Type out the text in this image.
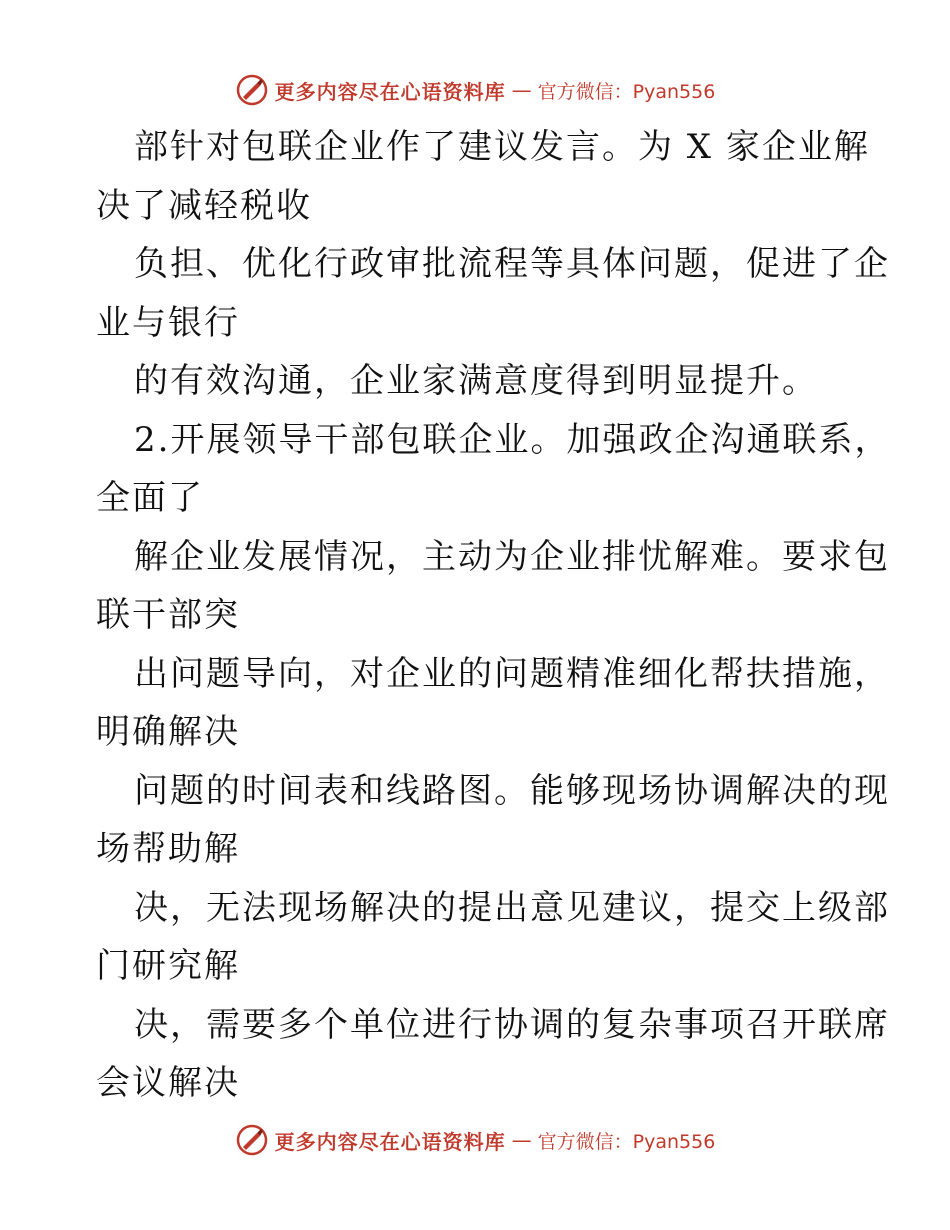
更多内容尽在心语资料库 — 官方微信：Pyan556
部针对包联企业作了建议发言。为 X 家企业解
决了减轻税收
负担、优化行政审批流程等具体问题，促进了企
业与银行
的有效沟通，企业家满意度得到明显提升。
2.开展领导干部包联企业。加强政企沟通联系，
全面了
解企业发展情况，主动为企业排忧解难。要求包
联干部突
出问题导向，对企业的问题精准细化帮扶措施，
明确解决
问题的时间表和线路图。能够现场协调解决的现
场帮助解
决，无法现场解决的提出意见建议，提交上级部
门研究解
决，需要多个单位进行协调的复杂事项召开联席
会议解决
更多内容尽在心语资料库 — 官方微信：Pyan556
